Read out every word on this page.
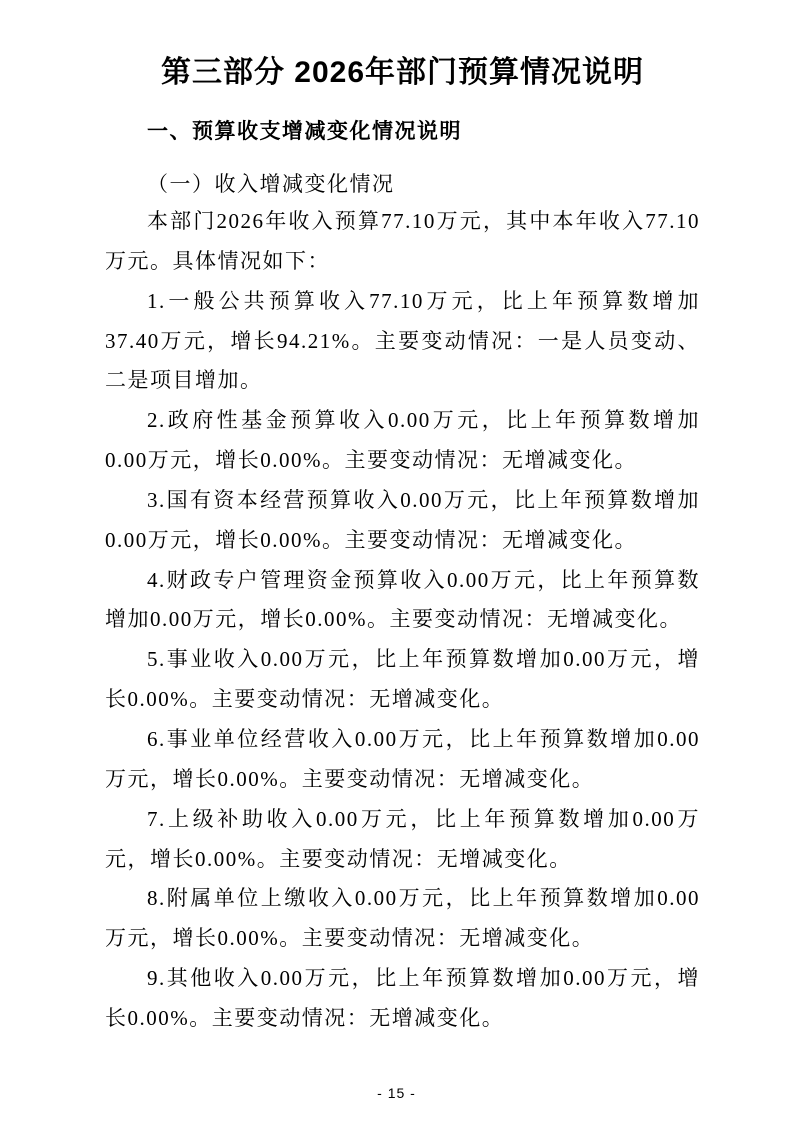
第三部分 2026年部门预算情况说明
一、预算收支增减变化情况说明

（一）收入增减变化情况

本部门2026年收入预算77.10万元，其中本年收入77.10万元。具体情况如下：

1.一般公共预算收入77.10万元，比上年预算数增加37.40万元，增长94.21%。主要变动情况：一是人员变动、二是项目增加。

2.政府性基金预算收入0.00万元，比上年预算数增加0.00万元，增长0.00%。主要变动情况：无增减变化。

3.国有资本经营预算收入0.00万元，比上年预算数增加0.00万元，增长0.00%。主要变动情况：无增减变化。

4.财政专户管理资金预算收入0.00万元，比上年预算数增加0.00万元，增长0.00%。主要变动情况：无增减变化。

5.事业收入0.00万元，比上年预算数增加0.00万元，增长0.00%。主要变动情况：无增减变化。

6.事业单位经营收入0.00万元，比上年预算数增加0.00万元，增长0.00%。主要变动情况：无增减变化。

7.上级补助收入0.00万元，比上年预算数增加0.00万元，增长0.00%。主要变动情况：无增减变化。

8.附属单位上缴收入0.00万元，比上年预算数增加0.00万元，增长0.00%。主要变动情况：无增减变化。

9.其他收入0.00万元，比上年预算数增加0.00万元，增长0.00%。主要变动情况：无增减变化。

- 15 -
